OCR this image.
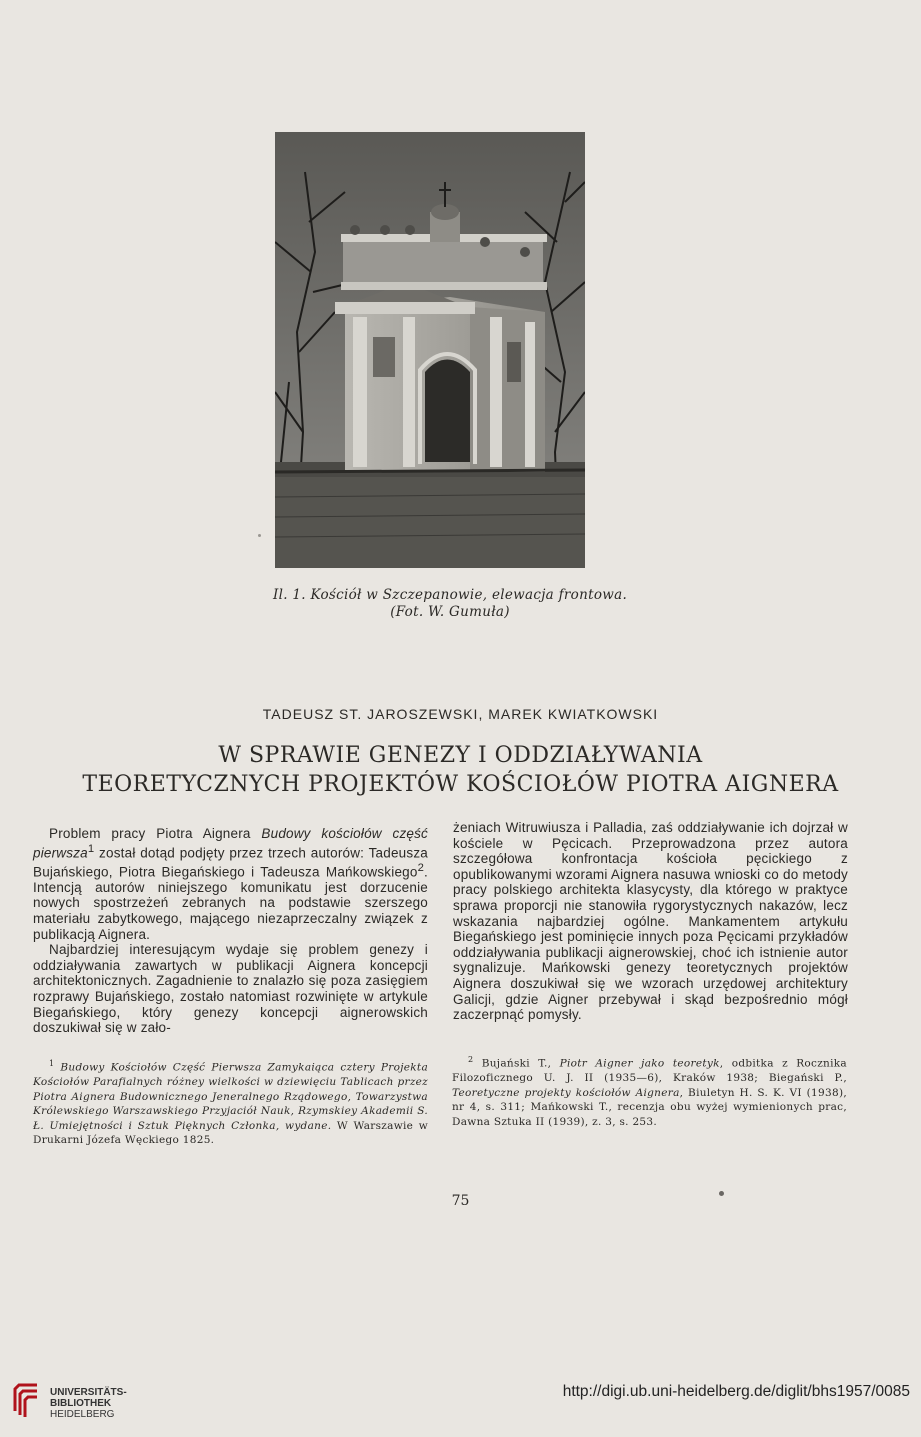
Il. 1. Kościół w Szczepanowie, elewacja frontowa.
(Fot. W. Gumuła)
TADEUSZ ST. JAROSZEWSKI, MAREK KWIATKOWSKI
W SPRAWIE GENEZY I ODDZIAŁYWANIA
TEORETYCZNYCH PROJEKTÓW KOŚCIOŁÓW PIOTRA AIGNERA

Problem pracy Piotra Aignera Budowy kościołów część pierwsza$^1$ został dotąd podjęty przez trzech autorów: Tadeusza Bujańskiego, Piotra Biegańskiego i Tadeusza Mańkowskiego$^2$. Intencją autorów niniejszego komunikatu jest dorzucenie nowych spostrzeżeń zebranych na podstawie szerszego materiału zabytkowego, mającego niezaprzeczalny związek z publikacją Aignera.

Najbardziej interesującym wydaje się problem genezy i oddziaływania zawartych w publikacji Aignera koncepcji architektonicznych. Zagadnienie to znalazło się poza zasięgiem rozprawy Bujańskiego, zostało natomiast rozwinięte w artykule Biegańskiego, który genezy koncepcji aignerowskich doszukiwał się w zało-

żeniach Witruwiusza i Palladia, zaś oddziaływanie ich dojrzał w kościele w Pęcicach. Przeprowadzona przez autora szczegółowa konfrontacja kościoła pęcickiego z opublikowanymi wzorami Aignera nasuwa wnioski co do metody pracy polskiego architekta klasycysty, dla którego w praktyce sprawa proporcji nie stanowiła rygorystycznych nakazów, lecz wskazania najbardziej ogólne. Mankamentem artykułu Biegańskiego jest pominięcie innych poza Pęcicami przykładów oddziaływania publikacji aignerowskiej, choć ich istnienie autor sygnalizuje. Mańkowski genezy teoretycznych projektów Aignera doszukiwał się we wzorach urzędowej architektury Galicji, gdzie Aigner przebywał i skąd bezpośrednio mógł zaczerpnąć pomysły.

$^1$ Budowy Kościołów Część Pierwsza Zamykaiąca cztery Projekta Kościołów Parafialnych różney wielkości w dziewięciu Tablicach przez Piotra Aignera Budownicznego Jeneralnego Rządowego, Towarzystwa Królewskiego Warszawskiego Przyjaciół Nauk, Rzymskiey Akademii S. Ł. Umiejętności i Sztuk Pięknych Członka, wydane. W Warszawie w Drukarni Józefa Węckiego 1825.
$^2$ Bujański T., Piotr Aigner jako teoretyk, odbitka z Rocznika Filozoficznego U. J. II (1935—6), Kraków 1938; Biegański P., Teoretyczne projekty kościołów Aignera, Biuletyn H. S. K. VI (1938), nr 4, s. 311; Mańkowski T., recenzja obu wyżej wymienionych prac, Dawna Sztuka II (1939), z. 3, s. 253.
75
UNIVERSITÄTS-
BIBLIOTHEK
HEIDELBERG
http://digi.ub.uni-heidelberg.de/diglit/bhs1957/0085
